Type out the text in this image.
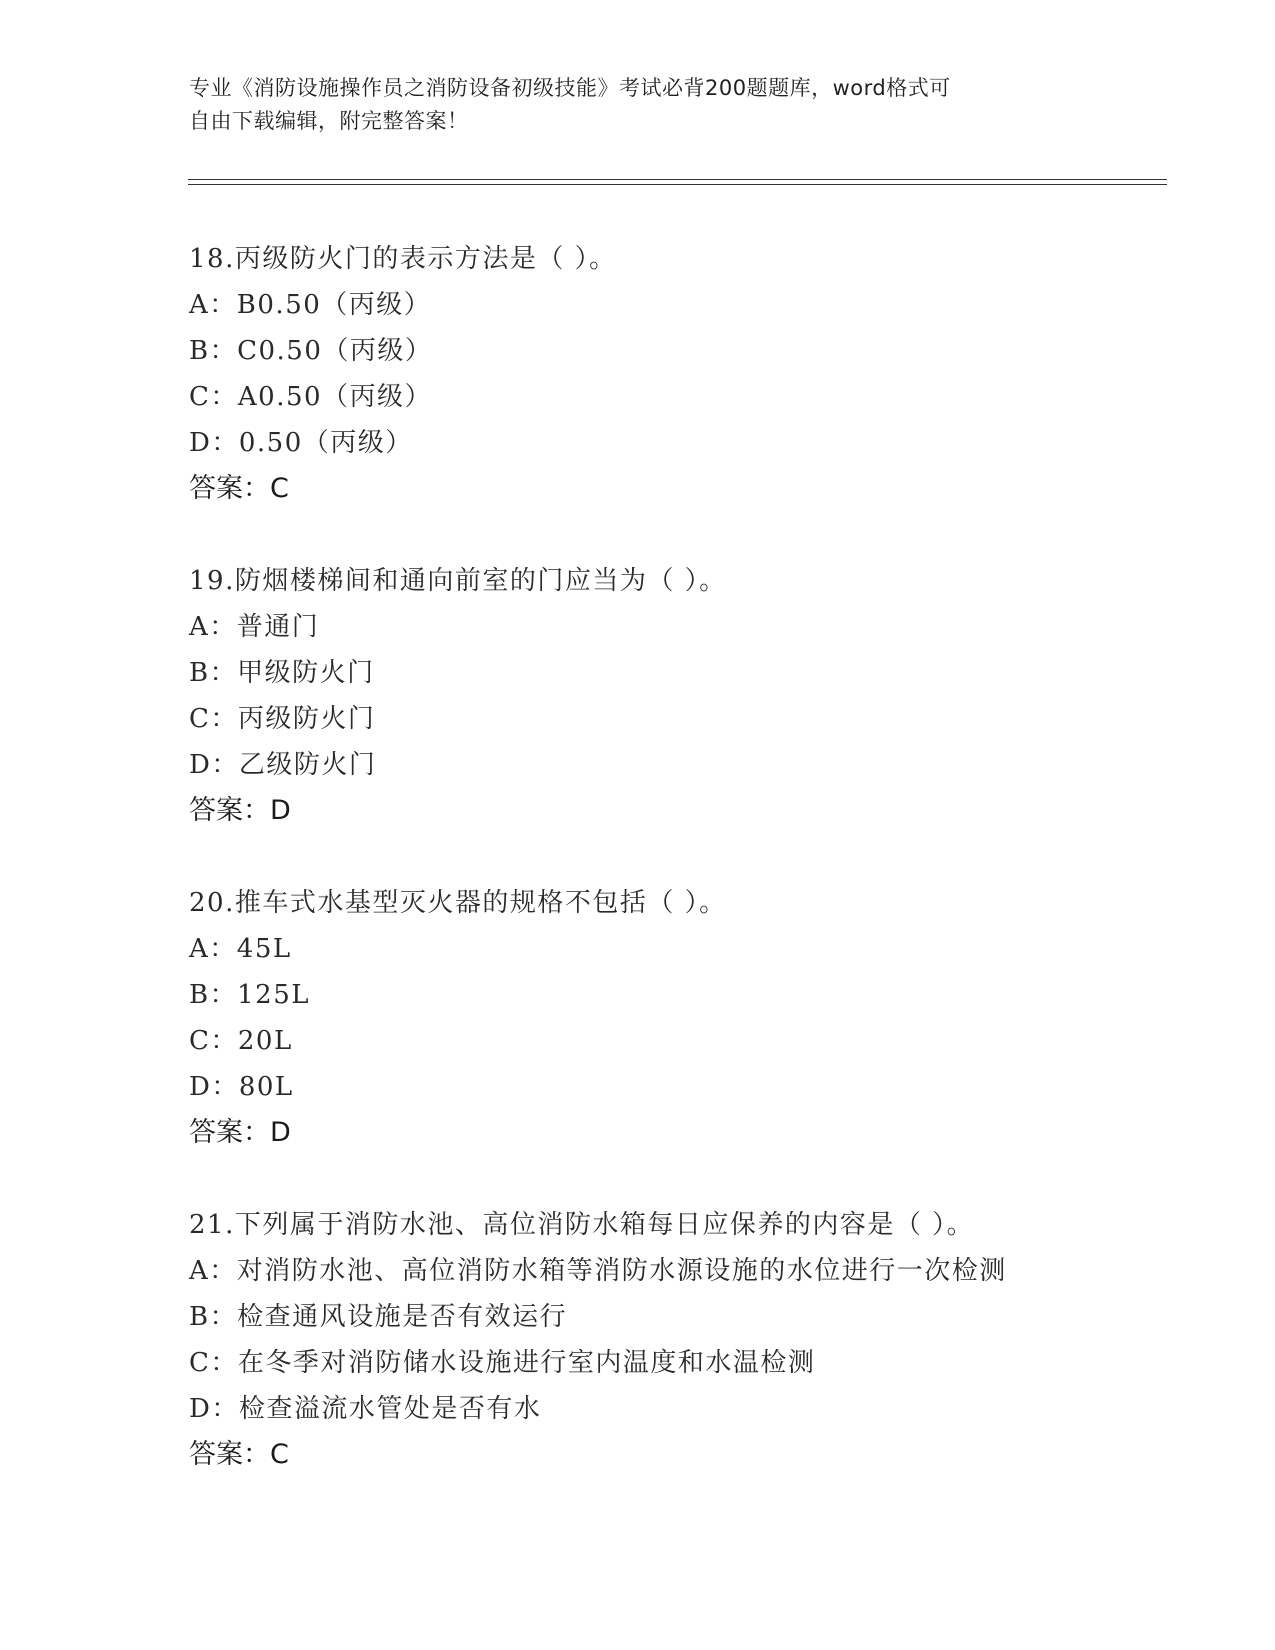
专业《消防设施操作员之消防设备初级技能》考试必背200题题库，word格式可
自由下载编辑，附完整答案！
18.丙级防火门的表示方法是（ ）。
A：B0.50（丙级）
B：C0.50（丙级）
C：A0.50（丙级）
D：0.50（丙级）
答案：C
19.防烟楼梯间和通向前室的门应当为（ ）。
A：普通门
B：甲级防火门
C：丙级防火门
D：乙级防火门
答案：D
20.推车式水基型灭火器的规格不包括（ ）。
A：45L
B：125L
C：20L
D：80L
答案：D
21.下列属于消防水池、高位消防水箱每日应保养的内容是（ ）。
A：对消防水池、高位消防水箱等消防水源设施的水位进行一次检测
B：检查通风设施是否有效运行
C：在冬季对消防储水设施进行室内温度和水温检测
D：检查溢流水管处是否有水
答案：C
